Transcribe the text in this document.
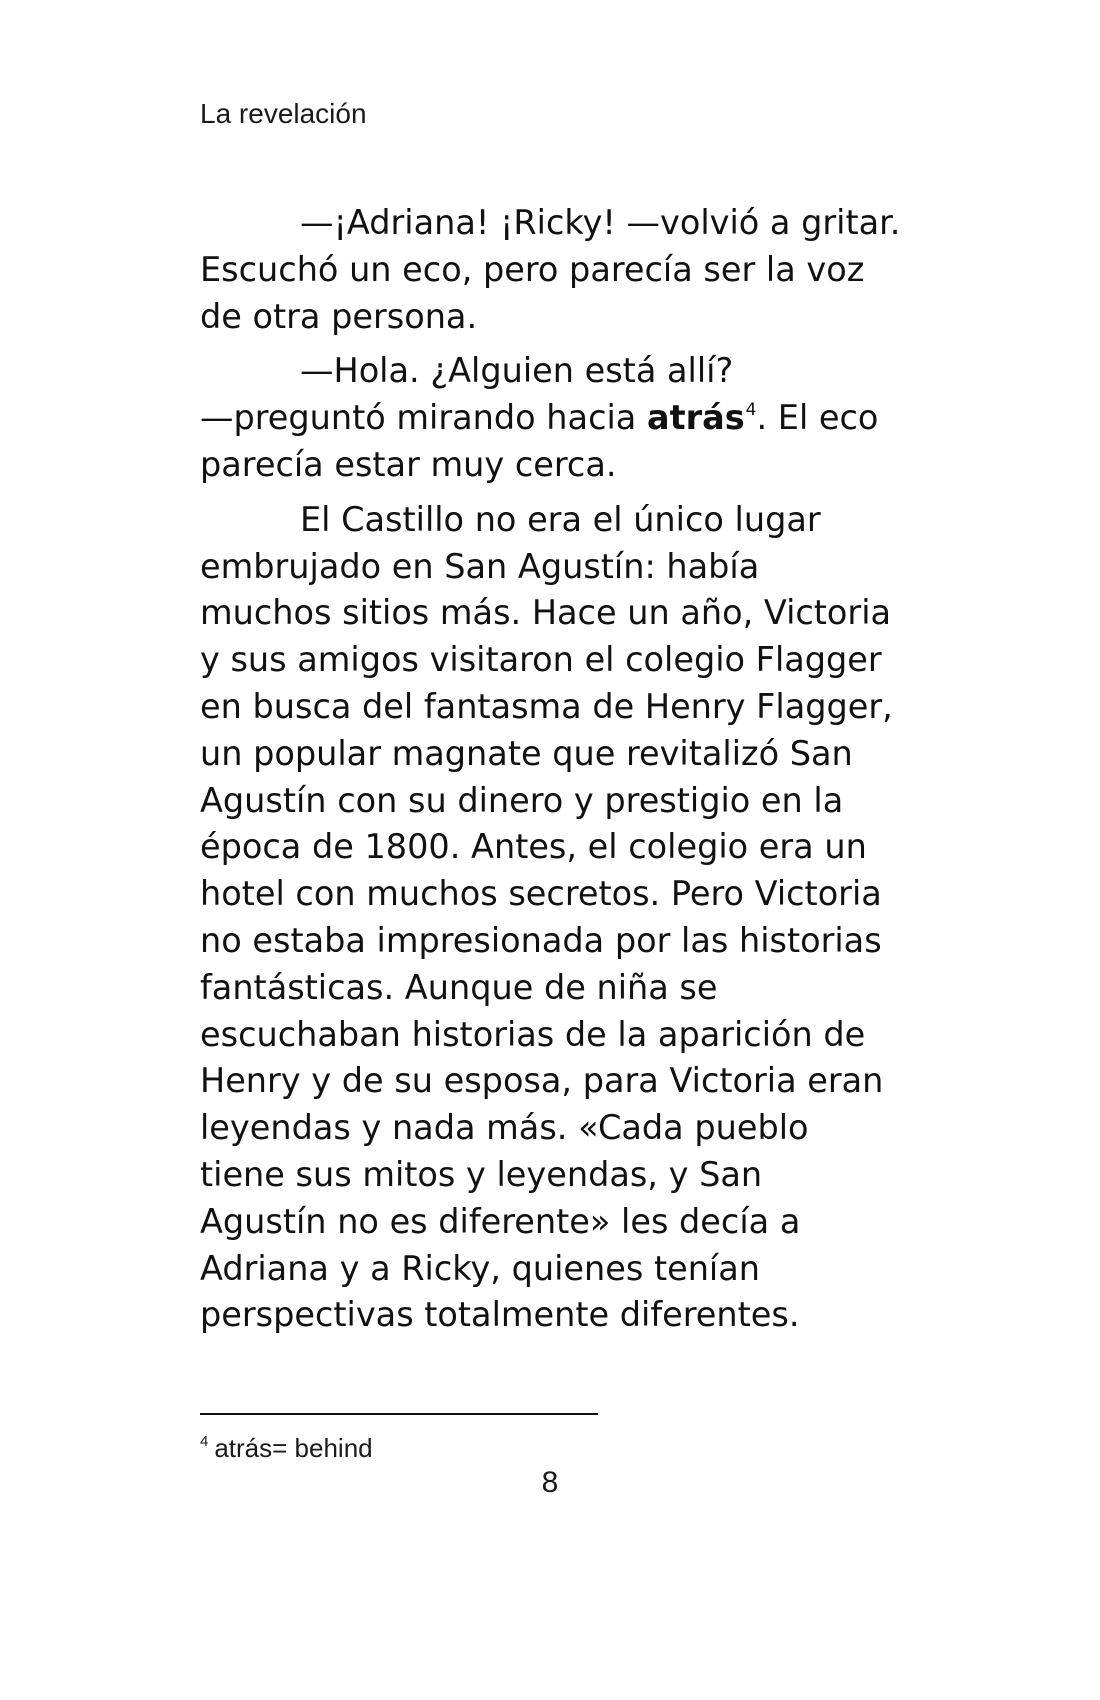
La revelación
—¡Adriana! ¡Ricky! —volvió a gritar.
Escuchó un eco, pero parecía ser la voz
de otra persona.
—Hola. ¿Alguien está allí?
—preguntó mirando hacia atrás$^4$. El eco
parecía estar muy cerca.
El Castillo no era el único lugar
embrujado en San Agustín: había
muchos sitios más. Hace un año, Victoria
y sus amigos visitaron el colegio Flagger
en busca del fantasma de Henry Flagger,
un popular magnate que revitalizó San
Agustín con su dinero y prestigio en la
época de 1800. Antes, el colegio era un
hotel con muchos secretos. Pero Victoria
no estaba impresionada por las historias
fantásticas. Aunque de niña se
escuchaban historias de la aparición de
Henry y de su esposa, para Victoria eran
leyendas y nada más. «Cada pueblo
tiene sus mitos y leyendas, y San
Agustín no es diferente» les decía a
Adriana y a Ricky, quienes tenían
perspectivas totalmente diferentes.
$^4$ atrás= behind
8
